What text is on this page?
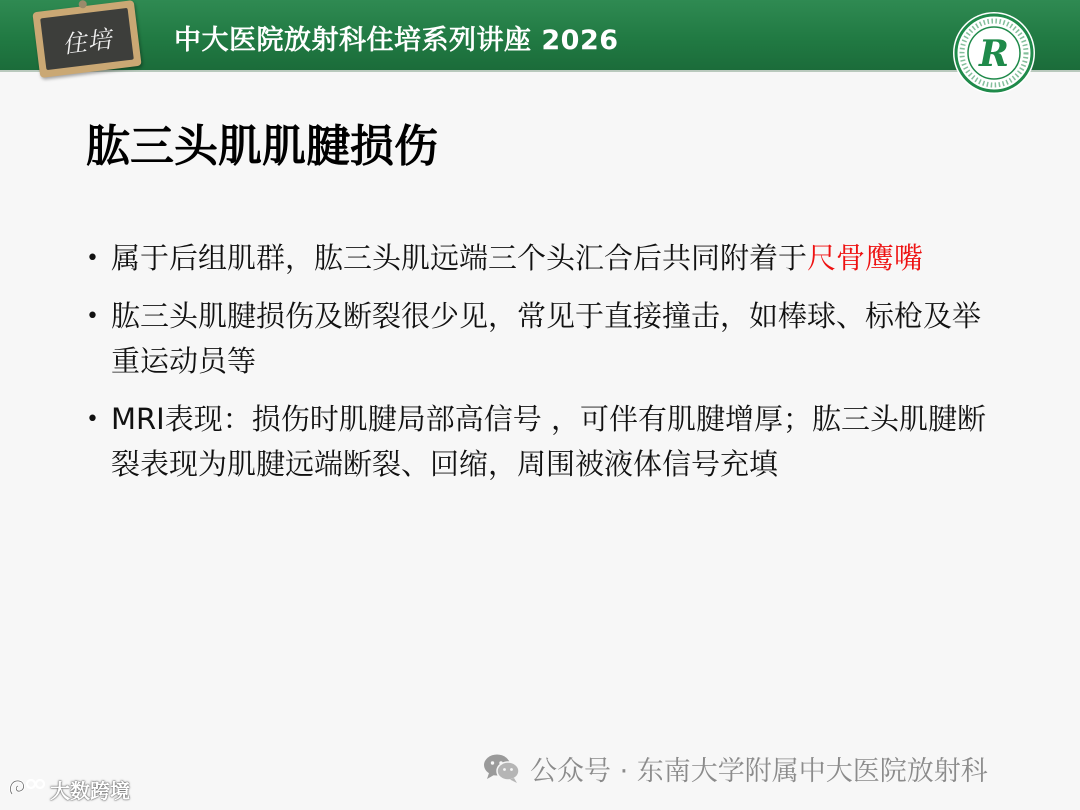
住培	中大医院放射科住培系列讲座 2026	R
肱三头肌肌腱损伤
• 属于后组肌群，肱三头肌远端三个头汇合后共同附着于尺骨鹰嘴
• 肱三头肌腱损伤及断裂很少见，常见于直接撞击，如棒球、标枪及举重运动员等
• MRI表现：损伤时肌腱局部高信号 ，可伴有肌腱增厚；肱三头肌腱断裂表现为肌腱远端断裂、回缩，周围被液体信号充填
公众号 · 东南大学附属中大医院放射科
大数跨境
